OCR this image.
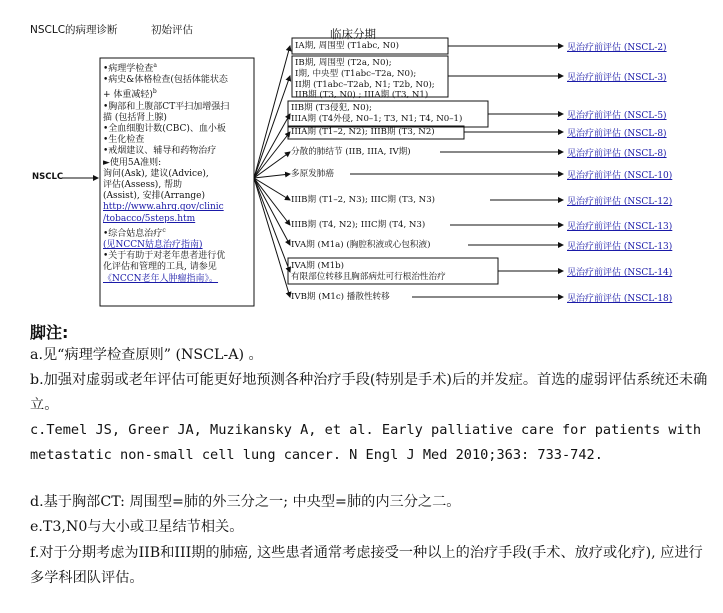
NSCLC的病理诊断	初始评估	临床分期
NSCLC
•病理学检查$^a$
•病史&体格检查(包括体能状态
+ 体重减轻)$^b$
•胸部和上腹部CT平扫加增强扫
描 (包括肾上腺)
•全血细胞计数(CBC)、血小板
•生化检查
•戒烟建议、辅导和药物治疗
►使用5A准则:
询问(Ask), 建议(Advice),
评估(Assess), 帮助
(Assist), 安排(Arrange)
http://www.ahrq.gov/clinic
/tobacco/5steps.htm
•综合姑息治疗$^c$
(见NCCN姑息治疗指南)
•关于有助于对老年患者进行优
化评估和管理的工具, 请参见
《NCCN老年人肿瘤指南》。
IA期, 周围型 (T1abc, N0)
IB期, 周围型 (T2a, N0);
I期, 中央型 (T1abc–T2a, N0);
II期 (T1abc–T2ab, N1; T2b, N0);
IIB期 (T3, N0) ; IIIA期 (T3, N1)
IIB期 (T3侵犯, N0);
IIIA期 (T4外侵, N0–1; T3, N1; T4, N0–1)
IIIA期 (T1–2, N2); IIIB期 (T3, N2)
分散的肺结节 (IIB, IIIA, IV期)
多原发肺癌
IIIB期 (T1–2, N3); IIIC期 (T3, N3)
IIIB期 (T4, N2); IIIC期 (T4, N3)
IVA期 (M1a) (胸腔积液或心包积液)
IVA期 (M1b)
有限部位转移且胸部病灶可行根治性治疗
IVB期 (M1c) 播散性转移
见治疗前评估 (NSCL-2)
见治疗前评估 (NSCL-3)
见治疗前评估 (NSCL-5)
见治疗前评估 (NSCL-8)
见治疗前评估 (NSCL-8)
见治疗前评估 (NSCL-10)
见治疗前评估 (NSCL-12)
见治疗前评估 (NSCL-13)
见治疗前评估 (NSCL-13)
见治疗前评估 (NSCL-14)
见治疗前评估 (NSCL-18)
脚注:
a.见“病理学检查原则” (NSCL-A) 。
b.加强对虚弱或老年评估可能更好地预测各种治疗手段(特别是手术)后的并发症。首选的虚弱评估系统还未确立。
c.Temel JS, Greer JA, Muzikansky A, et al. Early palliative care for patients with metastatic non-small cell lung cancer. N Engl J Med 2010;363: 733-742.
d.基于胸部CT: 周围型=肺的外三分之一; 中央型=肺的内三分之二。
e.T3,N0与大小或卫星结节相关。
f.对于分期考虑为IIB和III期的肺癌, 这些患者通常考虑接受一种以上的治疗手段(手术、放疗或化疗), 应进行多学科团队评估。
